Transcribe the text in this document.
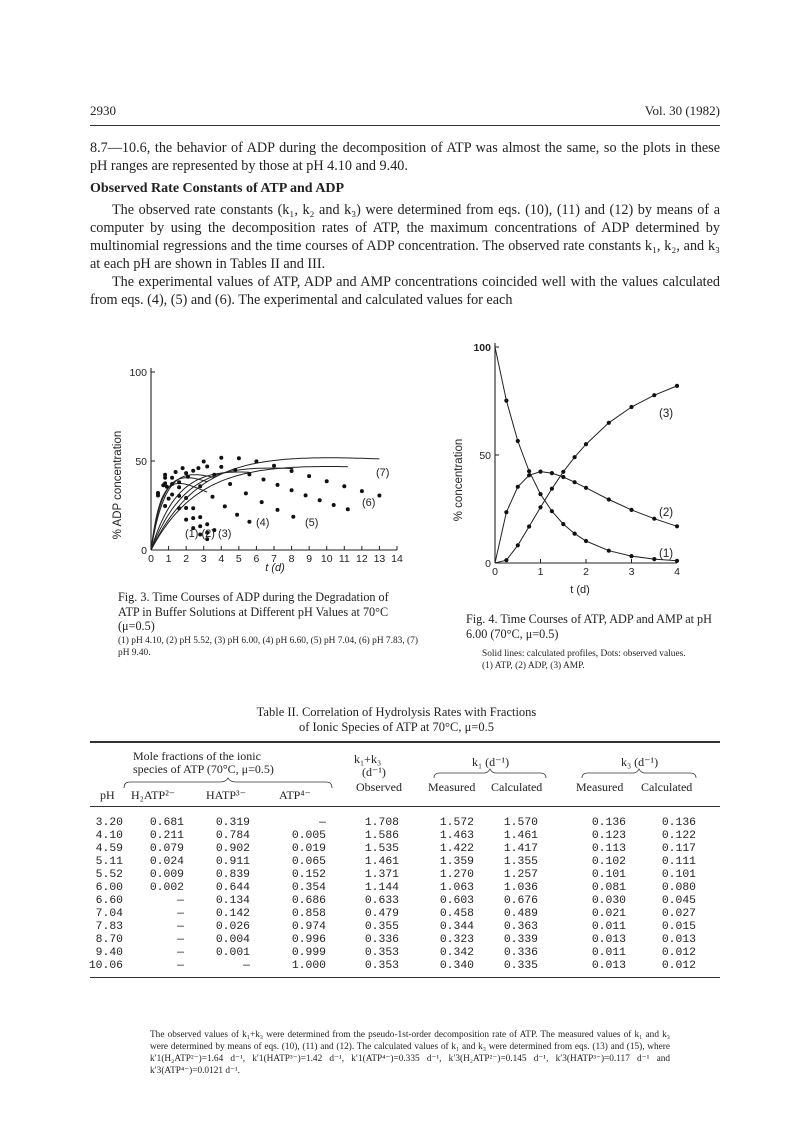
2930	Vol. 30 (1982)

8.7—10.6, the behavior of ADP during the decomposition of ATP was almost the same, so the plots in these pH ranges are represented by those at pH 4.10 and 9.40.

Observed Rate Constants of ATP and ADP

The observed rate constants (k₁, k₂ and k₃) were determined from eqs. (10), (11) and (12) by means of a computer by using the decomposition rates of ATP, the maximum concentrations of ADP determined by multinomial regressions and the time courses of ADP concentration. The observed rate constants k₁, k₂, and k₃ at each pH are shown in Tables II and III.

The experimental values of ATP, ADP and AMP concentrations coincided well with the values calculated from eqs. (4), (5) and (6). The experimental and calculated values for each

0 1 2 3 4 5 6 7 8 9 10 11 12 13 14
0
50
100
% ADP concentration
t (d)
(1) (2) (3)
(4)	(5)
(6)
(7)
Fig. 3. Time Courses of ADP during the Degradation of ATP in Buffer Solutions at Different pH Values at 70°C (μ=0.5)
(1) pH 4.10, (2) pH 5.52, (3) pH 6.00, (4) pH 6.60, (5) pH 7.04, (6) pH 7.83, (7) pH 9.40.
0	1	2	3	4
0
50
100
% concentration
t (d)
(1)
(2)
(3)
Fig. 4. Time Courses of ATP, ADP and AMP at pH 6.00 (70°C, μ=0.5)
Solid lines: calculated profiles, Dots: observed values.
(1) ATP, (2) ADP, (3) AMP.
Table II. Correlation of Hydrolysis Rates with Fractions
of Ionic Species of ATP at 70°C, μ=0.5
Mole fractions of the ionic
species of ATP (70°C, μ=0.5)
pH H₂ATP²⁻	HATP³⁻	ATP⁴⁻
k₁+k₃
(d⁻¹)
Observed
k₁ (d⁻¹)
Measured Calculated
k₃ (d⁻¹)
Measured Calculated
3.20	0.681	0.319	—	1.708	1.572	1.570	0.136	0.136
4.10	0.211	0.784	0.005	1.586	1.463	1.461	0.123	0.122
4.59	0.079	0.902	0.019	1.535	1.422	1.417	0.113	0.117
5.11	0.024	0.911	0.065	1.461	1.359	1.355	0.102	0.111
5.52	0.009	0.839	0.152	1.371	1.270	1.257	0.101	0.101
6.00	0.002	0.644	0.354	1.144	1.063	1.036	0.081	0.080
6.60	—	0.134	0.686	0.633	0.603	0.676	0.030	0.045
7.04	—	0.142	0.858	0.479	0.458	0.489	0.021	0.027
7.83	—	0.026	0.974	0.355	0.344	0.363	0.011	0.015
8.70	—	0.004	0.996	0.336	0.323	0.339	0.013	0.013
9.40	—	0.001	0.999	0.353	0.342	0.336	0.011	0.012
10.06	—	—	1.000	0.353	0.340	0.335	0.013	0.012
The observed values of k₁+k₃ were determined from the pseudo-1st-order decomposition rate of ATP. The measured values of k₁ and k₃ were determined by means of eqs. (10), (11) and (12). The calculated values of k₁ and k₃ were determined from eqs. (13) and (15), where k′1(H₂ATP²⁻)=1.64 d⁻¹, k′1(HATP³⁻)=1.42 d⁻¹, k′1(ATP⁴⁻)=0.335 d⁻¹, k′3(H₂ATP²⁻)=0.145 d⁻¹, k′3(HATP³⁻)=0.117 d⁻¹ and k′3(ATP⁴⁻)=0.0121 d⁻¹.
